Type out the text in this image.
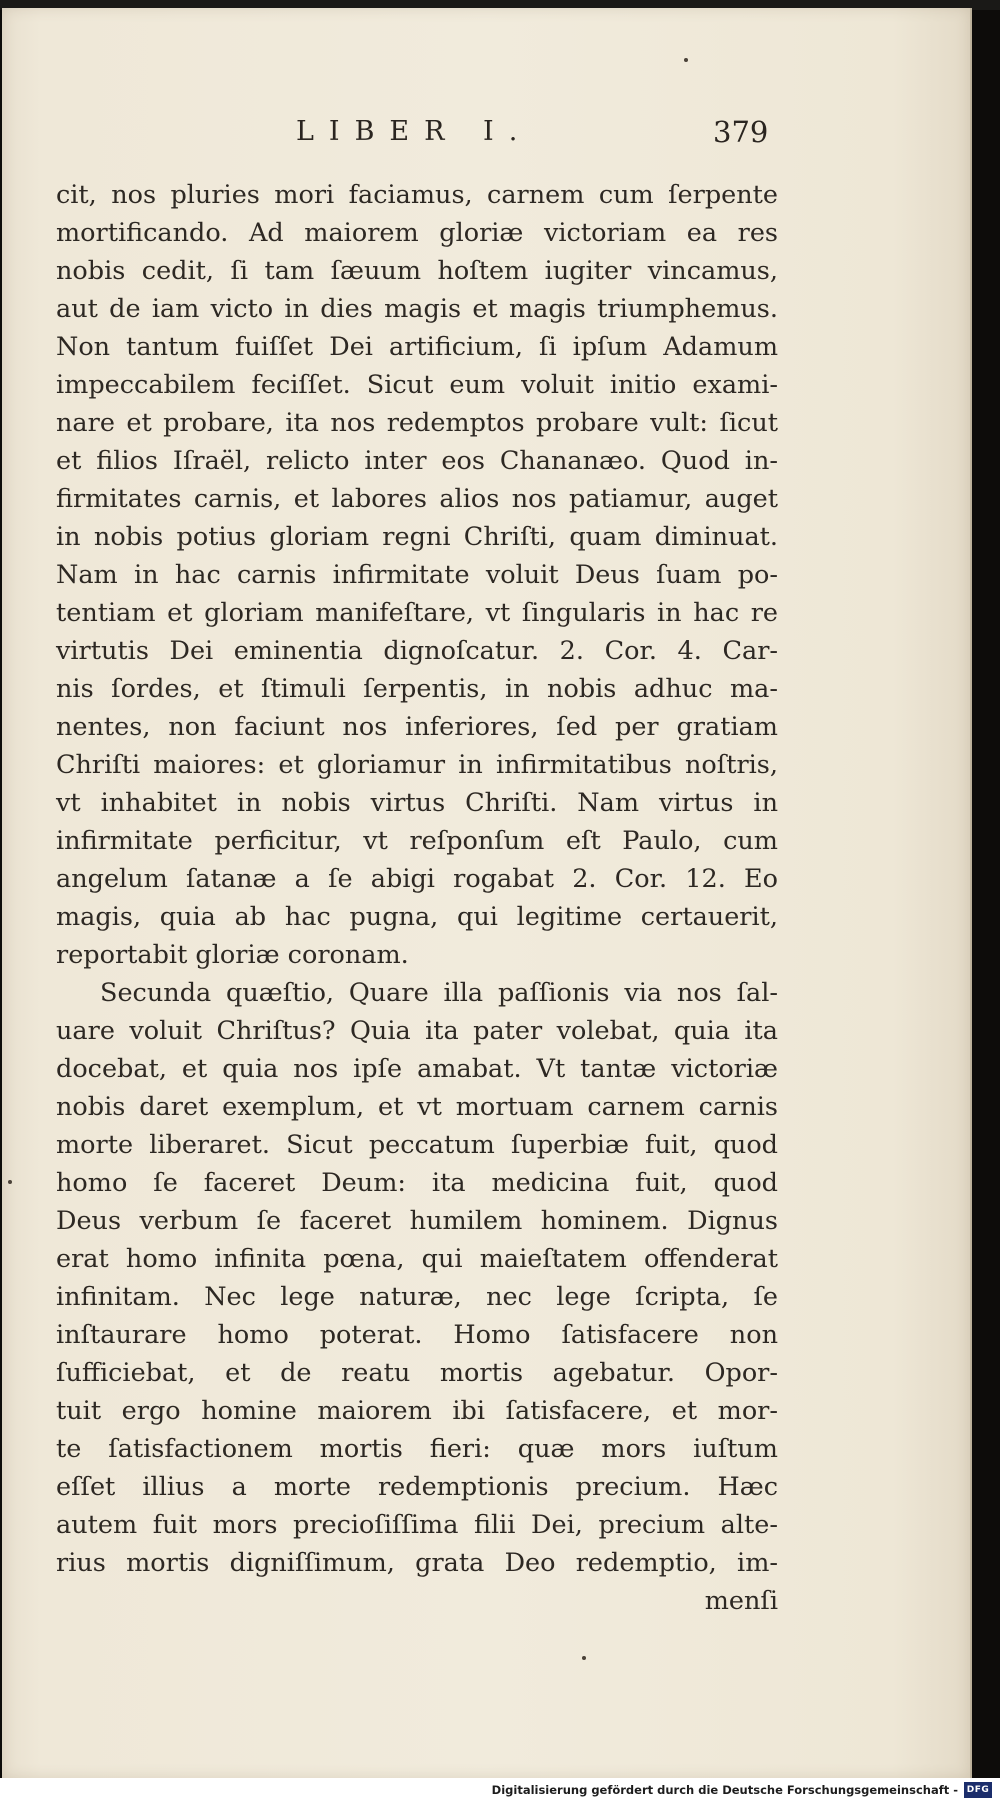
LIBER I.	379
cit, nos pluries mori faciamus, carnem cum ſerpente
mortificando. Ad maiorem gloriæ victoriam ea res
nobis cedit, ſi tam ſæuum hoſtem iugiter vincamus,
aut de iam victo in dies magis et magis triumphemus.
Non tantum fuiſſet Dei artificium, ſi ipſum Adamum
impeccabilem feciſſet. Sicut eum voluit initio exami-
nare et probare, ita nos redemptos probare vult: ſicut
et filios Iſraël, relicto inter eos Chananæo. Quod in-
firmitates carnis, et labores alios nos patiamur, auget
in nobis potius gloriam regni Chriſti, quam diminuat.
Nam in hac carnis infirmitate voluit Deus ſuam po-
tentiam et gloriam manifeſtare, vt ſingularis in hac re
virtutis Dei eminentia dignoſcatur. 2. Cor. 4. Car-
nis ſordes, et ſtimuli ſerpentis, in nobis adhuc ma-
nentes, non faciunt nos inferiores, ſed per gratiam
Chriſti maiores: et gloriamur in infirmitatibus noſtris,
vt inhabitet in nobis virtus Chriſti. Nam virtus in
infirmitate perficitur, vt reſponſum eſt Paulo, cum
angelum ſatanæ a ſe abigi rogabat 2. Cor. 12. Eo
magis, quia ab hac pugna, qui legitime certauerit,
reportabit gloriæ coronam.
Secunda quæſtio, Quare illa paſſionis via nos ſal-
uare voluit Chriſtus? Quia ita pater volebat, quia ita
docebat, et quia nos ipſe amabat. Vt tantæ victoriæ
nobis daret exemplum, et vt mortuam carnem carnis
morte liberaret. Sicut peccatum ſuperbiæ fuit, quod
homo ſe faceret Deum: ita medicina fuit, quod
Deus verbum ſe faceret humilem hominem. Dignus
erat homo infinita pœna, qui maieſtatem offenderat
infinitam. Nec lege naturæ, nec lege ſcripta, ſe
inſtaurare homo poterat. Homo ſatisfacere non
ſufficiebat, et de reatu mortis agebatur. Opor-
tuit ergo homine maiorem ibi ſatisfacere, et mor-
te ſatisfactionem mortis fieri: quæ mors iuſtum
eſſet illius a morte redemptionis precium. Hæc
autem fuit mors precioſiſſima filii Dei, precium alte-
rius mortis digniſſimum, grata Deo redemptio, im-
menſi
Digitalisierung gefördert durch die Deutsche Forschungsgemeinschaft - DFG
